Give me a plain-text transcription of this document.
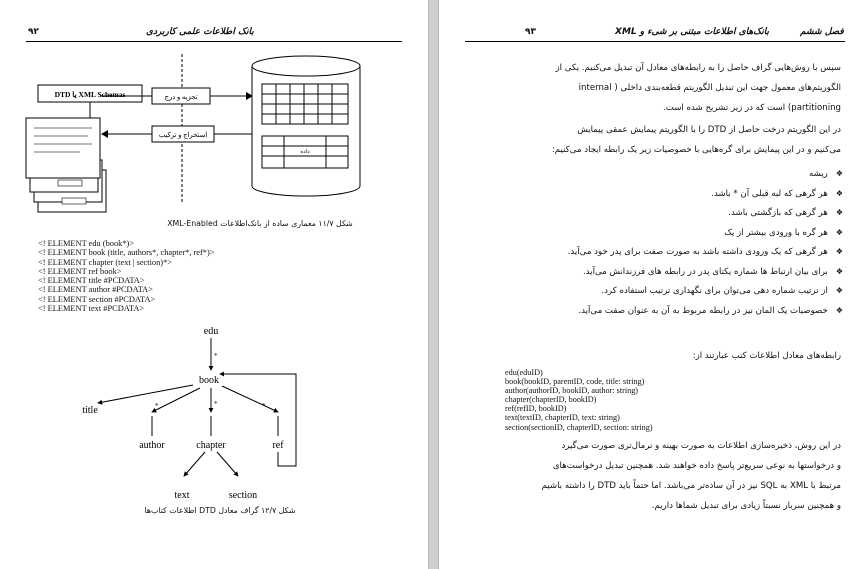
۹۲	بانک اطلاعات علمی کاربردی
XML Schemas یا DTD	تجزیه و درج
استخراج و ترکیب
داده
شکل ۱۱/۷ معماری ساده از بانک‌اطلاعات XML-Enabled
<! ELEMENT edu (book*)>
<! ELEMENT book (title, authors*, chapter*, ref*)>
<! ELEMENT chapter (text | section)*>
<! ELEMENT ref book>
<! ELEMENT title #PCDATA>
<! ELEMENT author #PCDATA>
<! ELEMENT section #PCDATA>
<! ELEMENT text #PCDATA>
edu
*
book
*	*	*
title
author	chapter	ref
text	section
شکل ۱۲/۷ گراف معادل DTD اطلاعات کتاب‌ها
۹۳	بانک‌های اطلاعات مبتنی بر شیء و XML	فصل ششم
سپس با روش‌هایی گراف حاصل را به رابطه‌های معادل آن تبدیل می‌کنیم. یکی از
الگوریتم‌های معمول جهت این تبدیل الگوریتم قطعه‌بندی داخلی ( internal
partitioning) است که در زیر تشریح شده است.
در این الگوریتم درخت حاصل از DTD را با الگوریتم پیمایش عمقی پیمایش
می‌کنیم و در این پیمایش برای گره‌هایی با خصوصیات زیر یک رابطه ایجاد می‌کنیم:
❖ ریشه
❖ هر گرهی که لبه قبلی آن * باشد.
❖ هر گرهی که بازگشتی باشد.
❖ هر گره با ورودی بیشتر از یک
❖ هر گرهی که یک ورودی داشته باشد به صورت صفت برای پدر خود می‌آید.
❖ برای بیان ارتباط ها شماره یکتای پدر در رابطه های فرزندانش می‌آید.
❖ از ترتیب شماره دهی می‌توان برای نگهداری ترتیب استفاده کرد.
❖ خصوصیات یک المان نیز در رابطه مربوط به آن به عنوان صفت می‌آید.
رابطه‌های معادل اطلاعات کتب عبارتند از:
edu(eduID)
book(bookID, parentID, code, title: string)
author(authorID, bookID, author: string)
chapter(chapterID, bookID)
ref(refID, bookID)
text(textID, chapterID, text: string)
section(sectionID, chapterID, section: string)
در این روش، ذخیره‌سازی اطلاعات به صورت بهینه و نرمال‌تری صورت می‌گیرد
و درخواستها به نوعی سریع‌تر پاسخ داده خواهند شد. همچنین تبدیل درخواست‌های
مرتبط با XML به SQL نیز در آن ساده‌تر می‌باشد. اما حتماً باید DTD را داشته باشیم
و همچنین سربار نسبتاً زیادی برای تبدیل شماها داریم.
